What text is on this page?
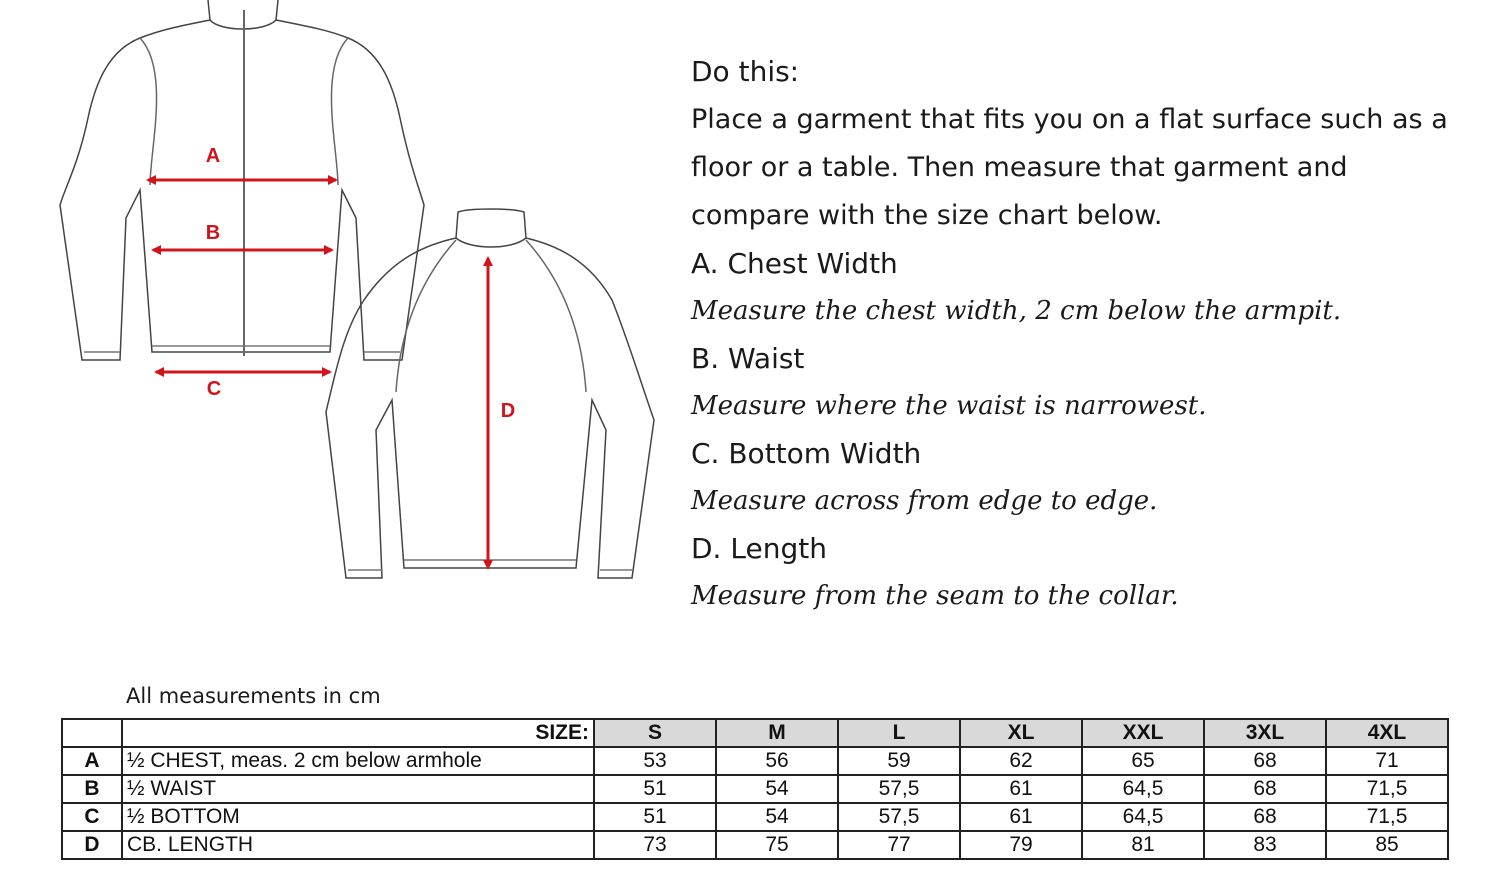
A
B
C
D
Do this:
Place a garment that fits you on a flat surface such as a
floor or a table. Then measure that garment and
compare with the size chart below.
A. Chest Width
Measure the chest width, 2 cm below the armpit.
B. Waist
Measure where the waist is narrowest.
C. Bottom Width
Measure across from edge to edge.
D. Length
Measure from the seam to the collar.
All measurements in cm
	SIZE:	S	M	L	XL	XXL	3XL	4XL
A	½ CHEST, meas. 2 cm below armhole	53	56	59	62	65	68	71
B	½ WAIST	51	54	57,5	61	64,5	68	71,5
C	½ BOTTOM	51	54	57,5	61	64,5	68	71,5
D	CB. LENGTH	73	75	77	79	81	83	85
